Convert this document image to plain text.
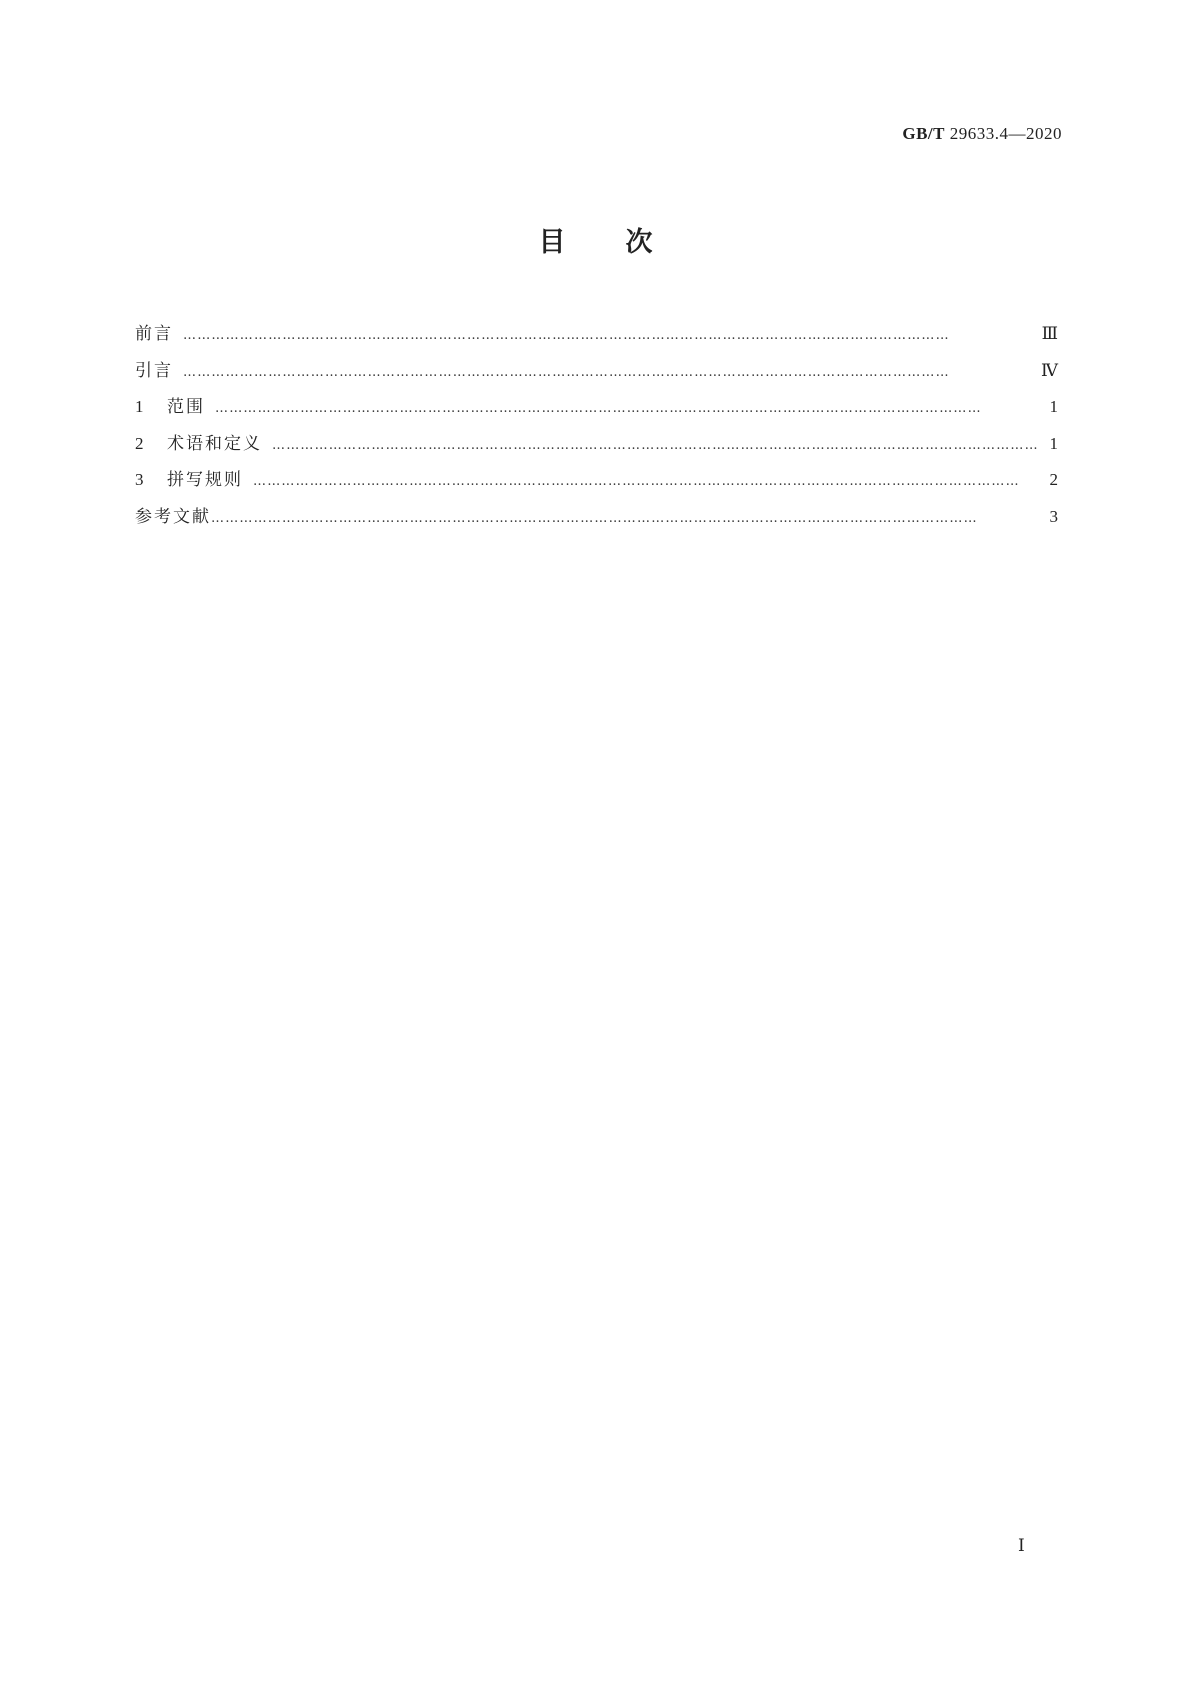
GB/T 29633.4—2020
目次
前言 ………………………………………………………………………………………………………………………………………………	Ⅲ
引言 ………………………………………………………………………………………………………………………………………………	Ⅳ
1	范围 ………………………………………………………………………………………………………………………………………………	1
2	术语和定义 ……………………………………………………………………………………………………………………………………………… 1
3	拼写规则 ………………………………………………………………………………………………………………………………………………	2
参考文献 ………………………………………………………………………………………………………………………………………………	3
Ⅰ
